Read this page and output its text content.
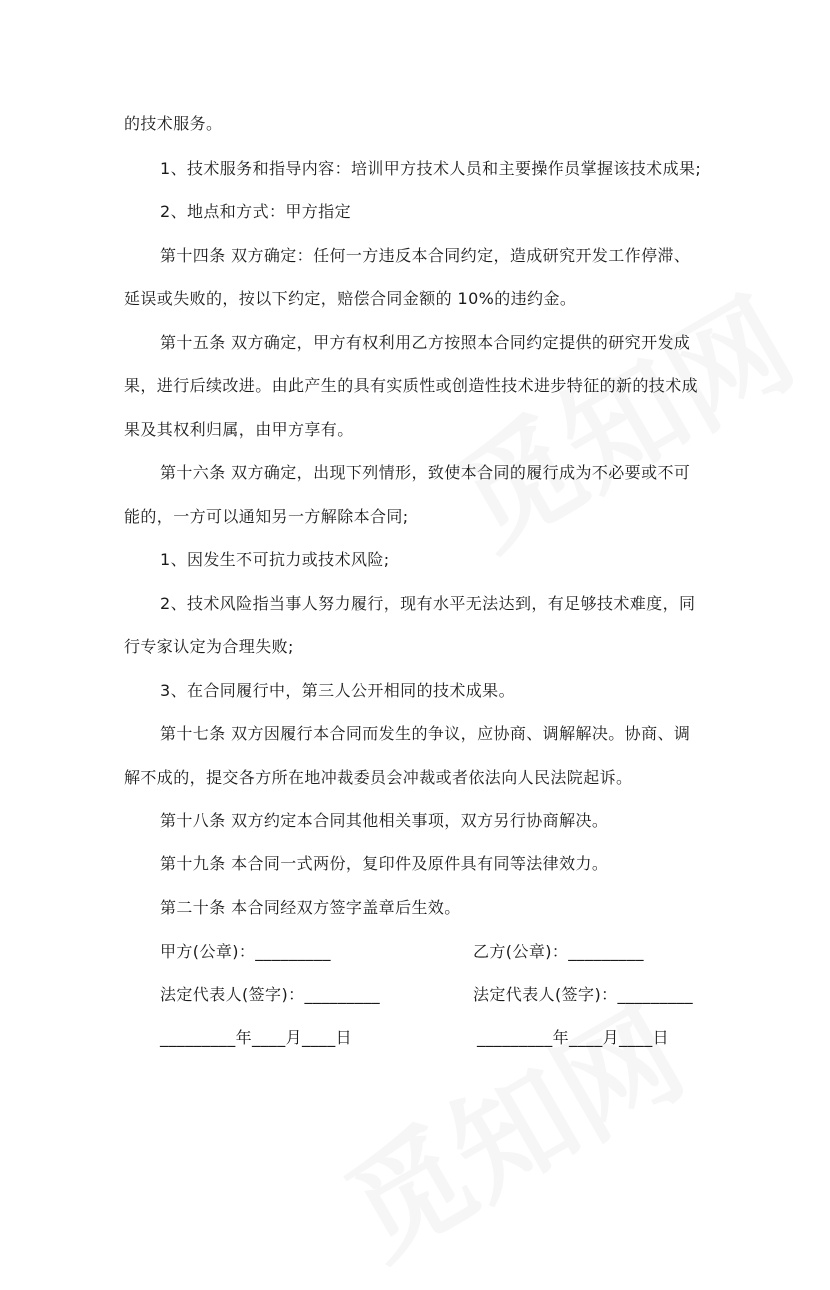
的技术服务。
1、技术服务和指导内容：培训甲方技术人员和主要操作员掌握该技术成果;
2、地点和方式：甲方指定
第十四条 双方确定：任何一方违反本合同约定，造成研究开发工作停滞、
延误或失败的，按以下约定，赔偿合同金额的 10%的违约金。
第十五条 双方确定，甲方有权利用乙方按照本合同约定提供的研究开发成
果，进行后续改进。由此产生的具有实质性或创造性技术进步特征的新的技术成
果及其权利归属，由甲方享有。
第十六条 双方确定，出现下列情形，致使本合同的履行成为不必要或不可
能的，一方可以通知另一方解除本合同;
1、因发生不可抗力或技术风险;
2、技术风险指当事人努力履行，现有水平无法达到，有足够技术难度，同
行专家认定为合理失败;
3、在合同履行中，第三人公开相同的技术成果。
第十七条 双方因履行本合同而发生的争议，应协商、调解解决。协商、调
解不成的，提交各方所在地冲裁委员会冲裁或者依法向人民法院起诉。
第十八条 双方约定本合同其他相关事项，双方另行协商解决。
第十九条 本合同一式两份，复印件及原件具有同等法律效力。
第二十条 本合同经双方签字盖章后生效。
甲方(公章)：_________	乙方(公章)：_________
法定代表人(签字)：_________	法定代表人(签字)：_________
_________年____月____日	_________年____月____日
